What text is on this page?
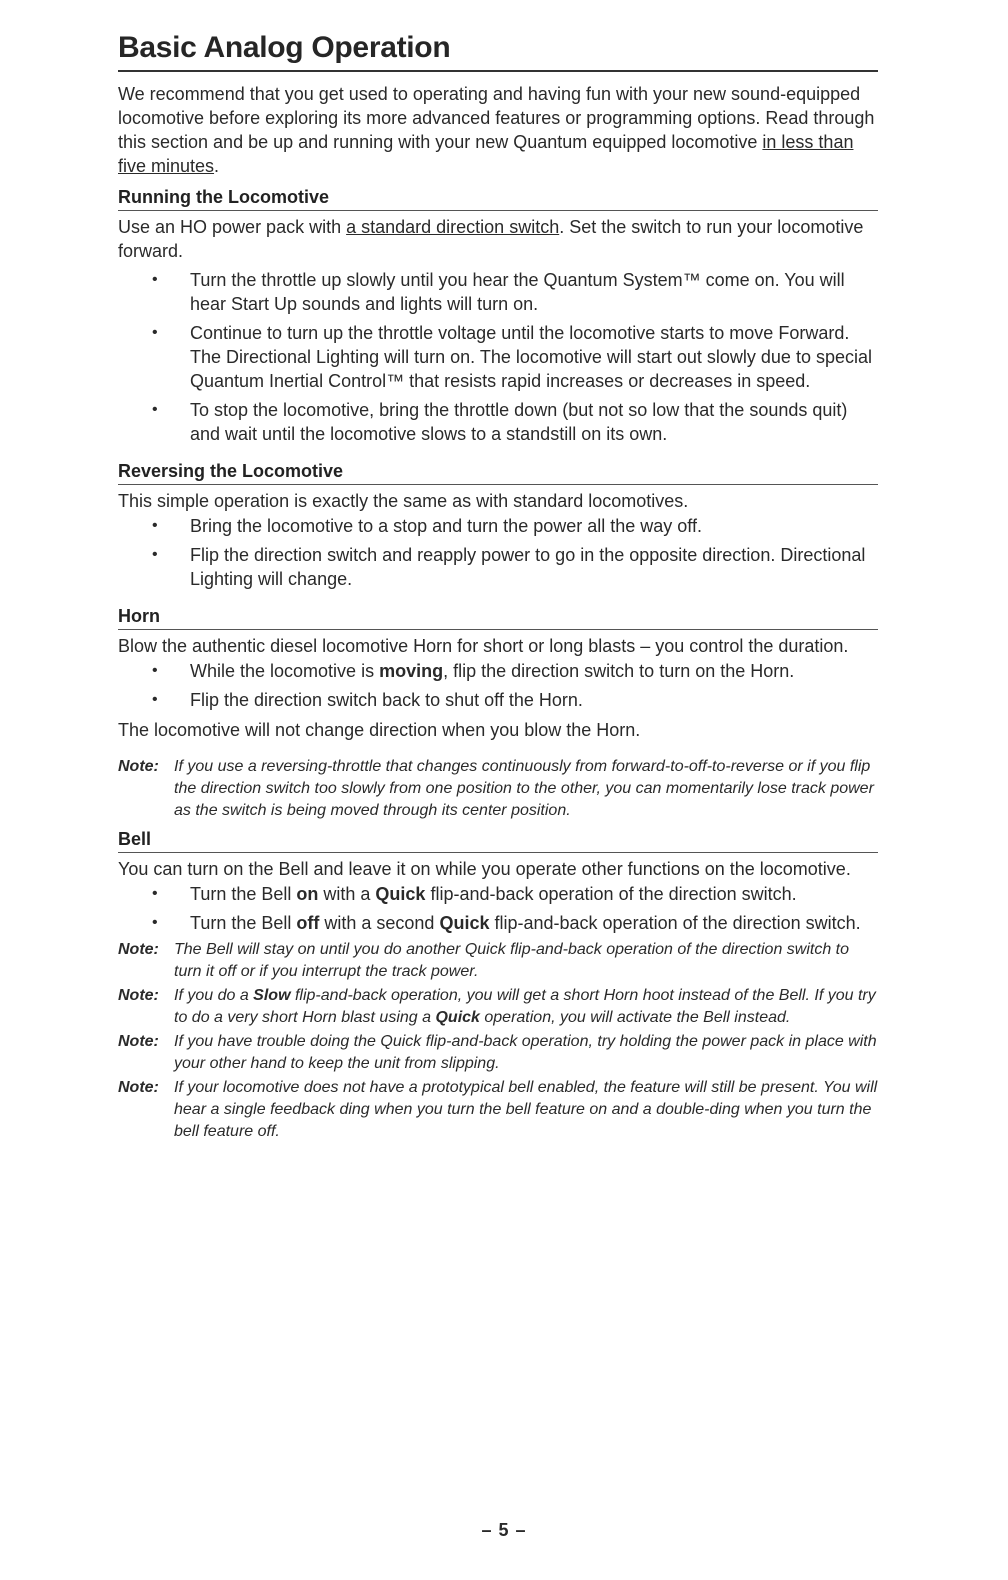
Basic Analog Operation

We recommend that you get used to operating and having fun with your new sound-equipped locomotive before exploring its more advanced features or programming options. Read through this section and be up and running with your new Quantum equipped locomotive in less than five minutes.

Running the Locomotive

Use an HO power pack with a standard direction switch. Set the switch to run your locomotive forward.

• Turn the throttle up slowly until you hear the Quantum System™ come on. You will hear Start Up sounds and lights will turn on.
• Continue to turn up the throttle voltage until the locomotive starts to move Forward. The Directional Lighting will turn on. The locomotive will start out slowly due to special Quantum Inertial Control™ that resists rapid increases or decreases in speed.
• To stop the locomotive, bring the throttle down (but not so low that the sounds quit) and wait until the locomotive slows to a standstill on its own.
Reversing the Locomotive

This simple operation is exactly the same as with standard locomotives.

• Bring the locomotive to a stop and turn the power all the way off.
• Flip the direction switch and reapply power to go in the opposite direction. Directional Lighting will change.
Horn

Blow the authentic diesel locomotive Horn for short or long blasts – you control the duration.

• While the locomotive is moving, flip the direction switch to turn on the Horn.
• Flip the direction switch back to shut off the Horn.

The locomotive will not change direction when you blow the Horn.

Note: If you use a reversing-throttle that changes continuously from forward-to-off-to-reverse or if you flip the direction switch too slowly from one position to the other, you can momentarily lose track power as the switch is being moved through its center position.
Bell

You can turn on the Bell and leave it on while you operate other functions on the locomotive.

• Turn the Bell on with a Quick flip-and-back operation of the direction switch.
• Turn the Bell off with a second Quick flip-and-back operation of the direction switch.
Note: The Bell will stay on until you do another Quick flip-and-back operation of the direction switch to turn it off or if you interrupt the track power.
Note: If you do a Slow flip-and-back operation, you will get a short Horn hoot instead of the Bell. If you try to do a very short Horn blast using a Quick operation, you will activate the Bell instead.
Note: If you have trouble doing the Quick flip-and-back operation, try holding the power pack in place with your other hand to keep the unit from slipping.
Note: If your locomotive does not have a prototypical bell enabled, the feature will still be present. You will hear a single feedback ding when you turn the bell feature on and a double-ding when you turn the bell feature off.
– 5 –
